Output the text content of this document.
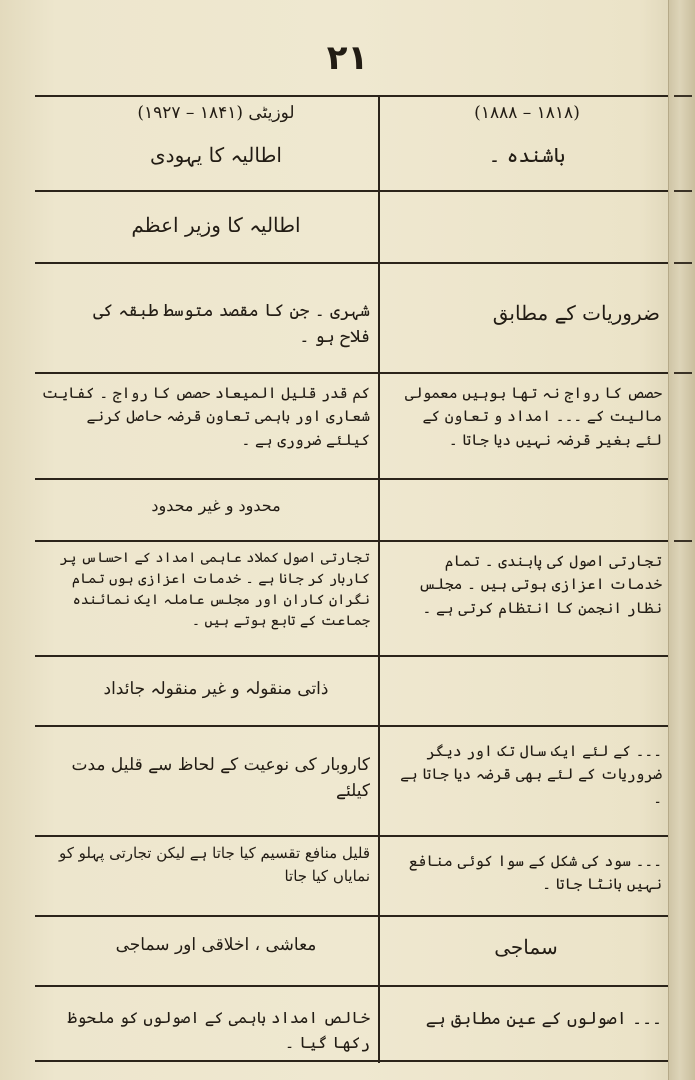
۲۱
(۱۸۱۸ – ۱۸۸۸)
باشندہ ۔
لوزیٹی (۱۸۴۱ – ۱۹۲۷)
اطالیہ کا یہودی
اطالیہ کا وزیر اعظم
ضروریات کے مطابق
شہری ۔ جن کا مقصد متوسط طبقہ کی فلاح ہو ۔
حصص کا رواج نہ تھا بوہیں معمولی مالیت کے ۔۔۔ امداد و تعاون کے لئے بغیر قرضہ نہیں دیا جاتا ۔
کم قدر قلیل المیعاد حصص کا رواج ۔ کفایت شعاری اور باہمی تعاون قرضہ حاصل کرنے کیلئے ضروری ہے ۔
محدود و غیر محدود
تجارتی اصول کی پابندی ۔ تمام خدمات اعزازی ہوتی ہیں ۔ مجلس نظار انجمن کا انتظام کرتی ہے ۔
تجارتی اصول کملاد عاہمی امداد کے احساس پر کاربار کر جانا ہے ۔ خدمات اعزازی ہوں تمام نگران کاران اور مجلس عاملہ ایک نمائندہ جماعت کے تابع ہوتے ہیں ۔
ذاتی منقولہ و غیر منقولہ جائداد
۔۔۔ کے لئے ایک سال تک اور دیگر ضروریات کے لئے بھی قرضہ دیا جاتا ہے ۔
کاروبار کی نوعیت کے لحاظ سے قلیل مدت کیلئے
۔۔۔ سود کی شکل کے سوا کوئی منافع نہیں بانٹا جاتا ۔
قلیل منافع تقسیم کیا جاتا ہے لیکن تجارتی پہلو کو نمایاں کیا جاتا
سماجی
معاشی ، اخلاقی اور سماجی
۔۔۔ اصولوں کے عین مطابق ہے
خالص امداد باہمی کے اصولوں کو ملحوظ رکھا گیا ۔
